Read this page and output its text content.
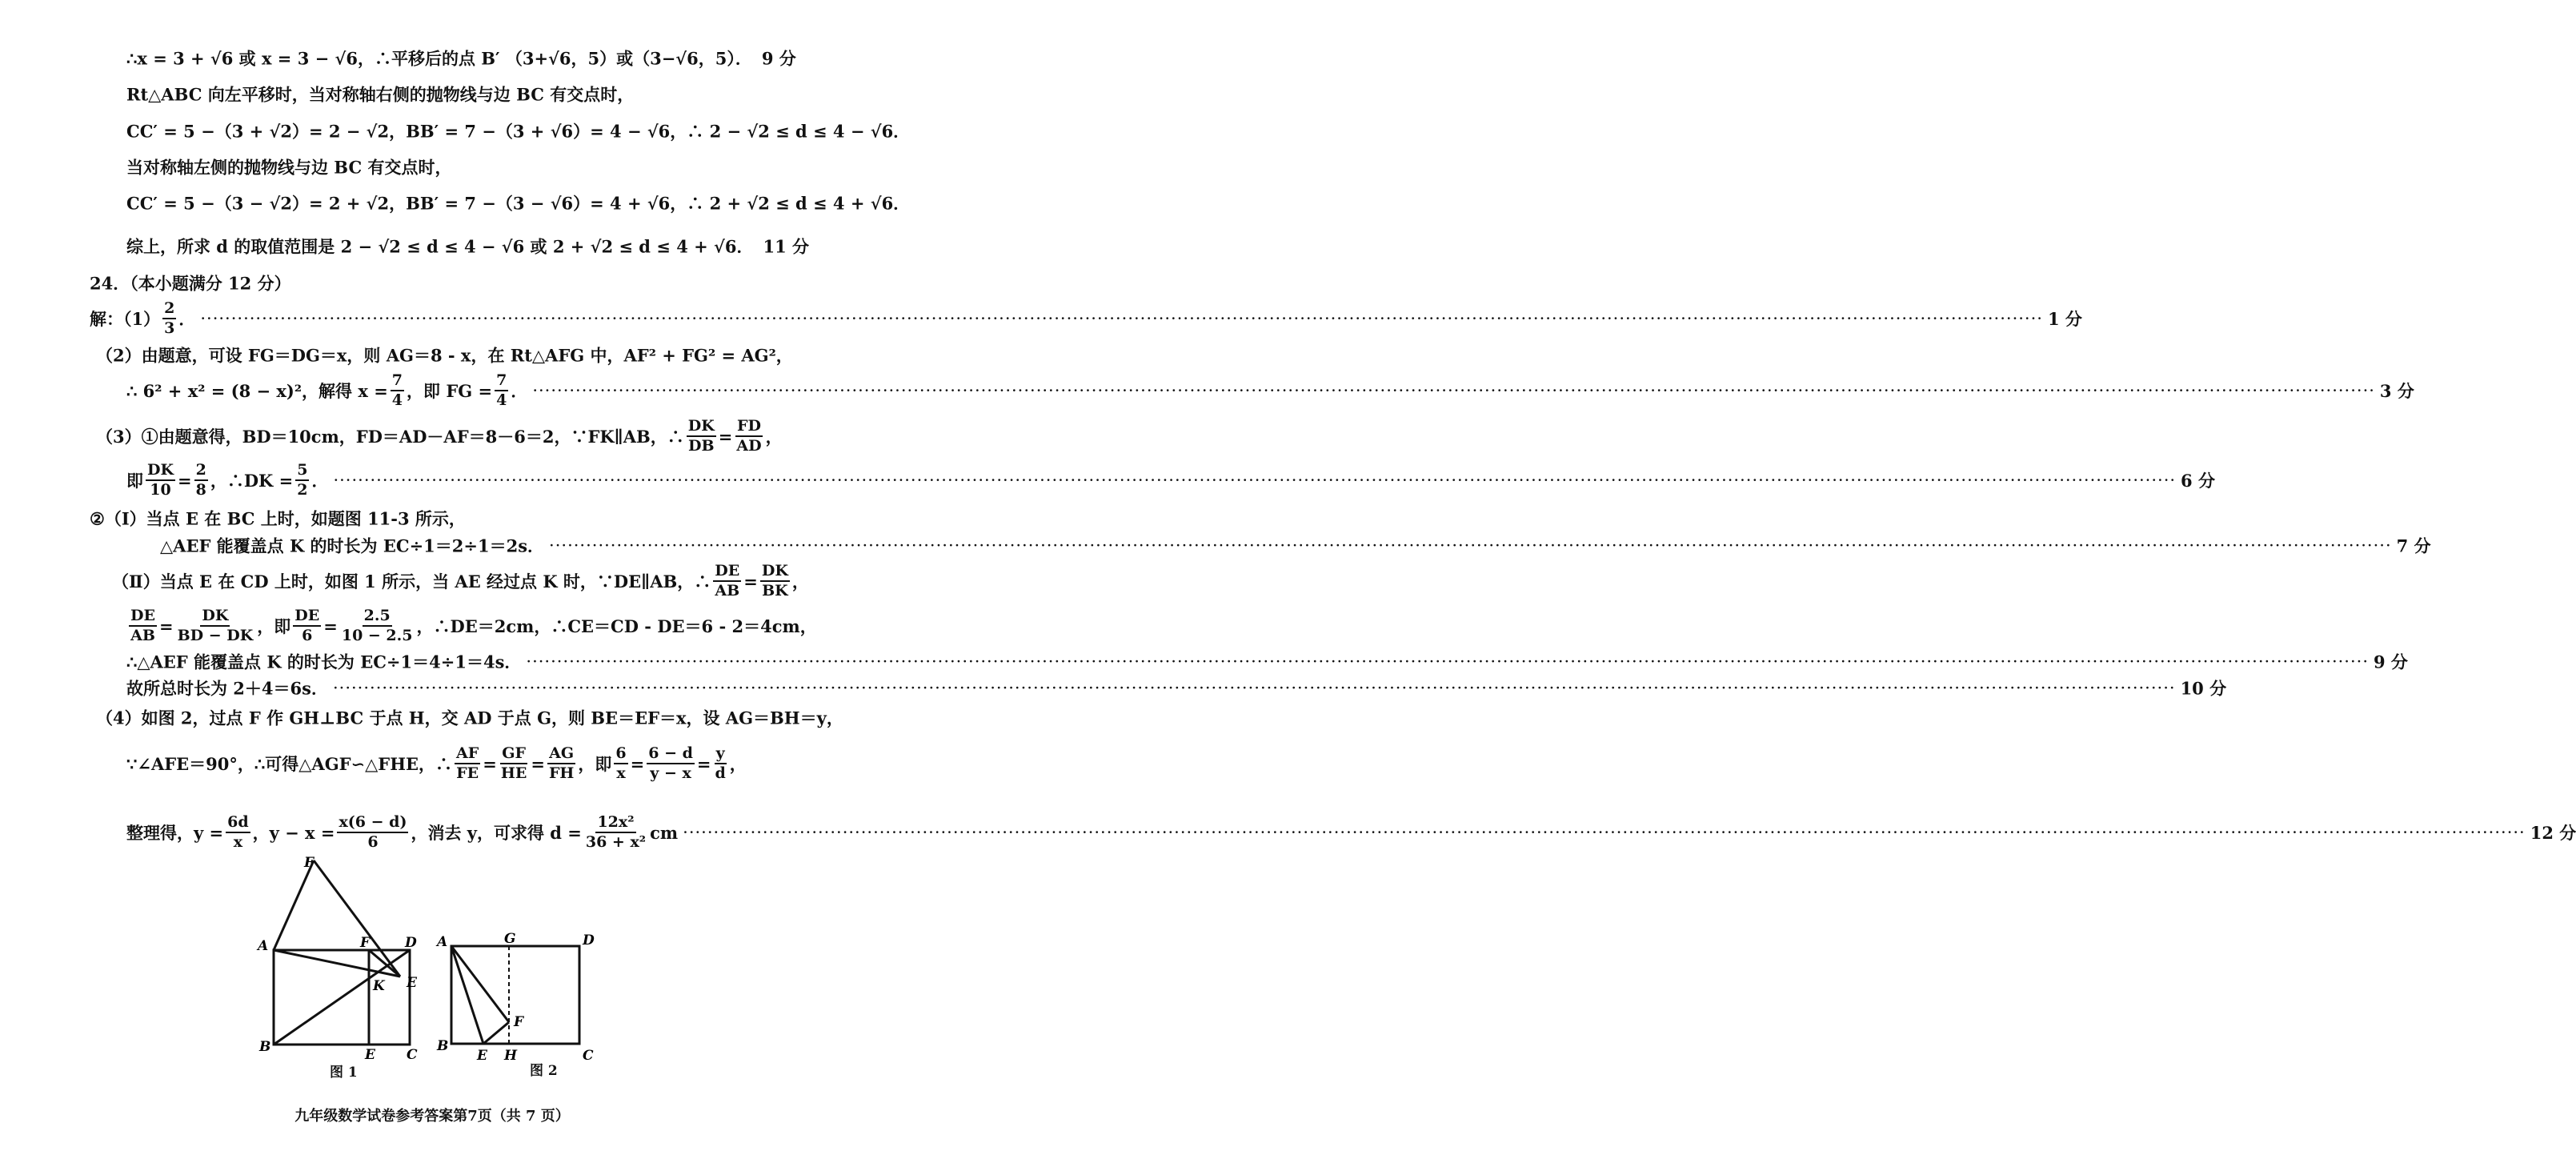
∴x = 3 + √6 或 x = 3 − √6，∴平移后的点 B′ （3+√6，5）或（3−√6，5）． 9 分
Rt△ABC 向左平移时，当对称轴右侧的抛物线与边 BC 有交点时，
CC′ = 5 −（3 + √2）= 2 − √2，BB′ = 7 −（3 + √6）= 4 − √6，∴ 2 − √2 ≤ d ≤ 4 − √6．
当对称轴左侧的抛物线与边 BC 有交点时，
CC′ = 5 −（3 − √2）= 2 + √2，BB′ = 7 −（3 − √6）= 4 + √6，∴ 2 + √2 ≤ d ≤ 4 + √6．
综上，所求 d 的取值范围是 2 − √2 ≤ d ≤ 4 − √6 或 2 + √2 ≤ d ≤ 4 + √6． 11 分
24．（本小题满分 12 分）
解：$(1) \frac{2}{3}$ ． ············································································································································································································································································································ 1 分
（2）由题意，可设 FG＝DG＝x，则 AG＝8 - x，在 Rt△AFG 中，AF² + FG² = AG²，
∴ 6² + x² = (8 − x)²，解得 $x = \frac{7}{4}$ ，即 FG = $\frac{7}{4}$ ． ············································································································································································································································································································ 3 分
（3）①由题意得，BD＝10cm，FD＝AD－AF＝8－6＝2，∵FK∥AB，∴ $\frac{DK}{DB} = \frac{FD}{AD}$ ，
即 $\frac{DK}{10} = \frac{2}{8}$ ，∴DK = $\frac{5}{2}$ ． ············································································································································································································································································································ 6 分
②（Ⅰ）当点 E 在 BC 上时，如题图 11-3 所示，
△AEF 能覆盖点 K 的时长为 EC÷1＝2÷1＝2s． ············································································································································································································································································································ 7 分
（Ⅱ）当点 E 在 CD 上时，如图 1 所示，当 AE 经过点 K 时，∵DE∥AB，∴ $\frac{DE}{AB} = \frac{DK}{BK}$ ，
$\frac{DE}{AB} = \frac{DK}{BD - DK}$ ，即 $\frac{DE}{6} = \frac{2.5}{10 - 2.5}$ ，∴DE＝2cm，∴CE＝CD - DE＝6 - 2＝4cm，
∴△AEF 能覆盖点 K 的时长为 EC÷1＝4÷1＝4s． ············································································································································································································································································································ 9 分
故所总时长为 2＋4＝6s． ············································································································································································································································································································ 10 分
（4）如图 2，过点 F 作 GH⊥BC 于点 H，交 AD 于点 G，则 BE＝EF＝x，设 AG＝BH＝y，
∵∠AFE＝90°，∴可得△AGF∽△FHE，∴ $\frac{AF}{FE} = \frac{GF}{HE} = \frac{AG}{FH}$ ，即 $\frac{6}{x} = \frac{6 - d}{y - x} = \frac{y}{d}$ ，
整理得，$y = \frac{6d}{x}$ ，$y - x = \frac{x(6 - d)}{6}$ ，消去 y，可求得 $d = \frac{\text{12x²}}{\text{36 + x²}}$ cm ············································································································································································································································································································ 12 分
F
A	F	D
K E
B	E C
图 1
A	G	D
F
B
E H	C
图 2
九年级数学试卷参考答案第7页（共 7 页）
